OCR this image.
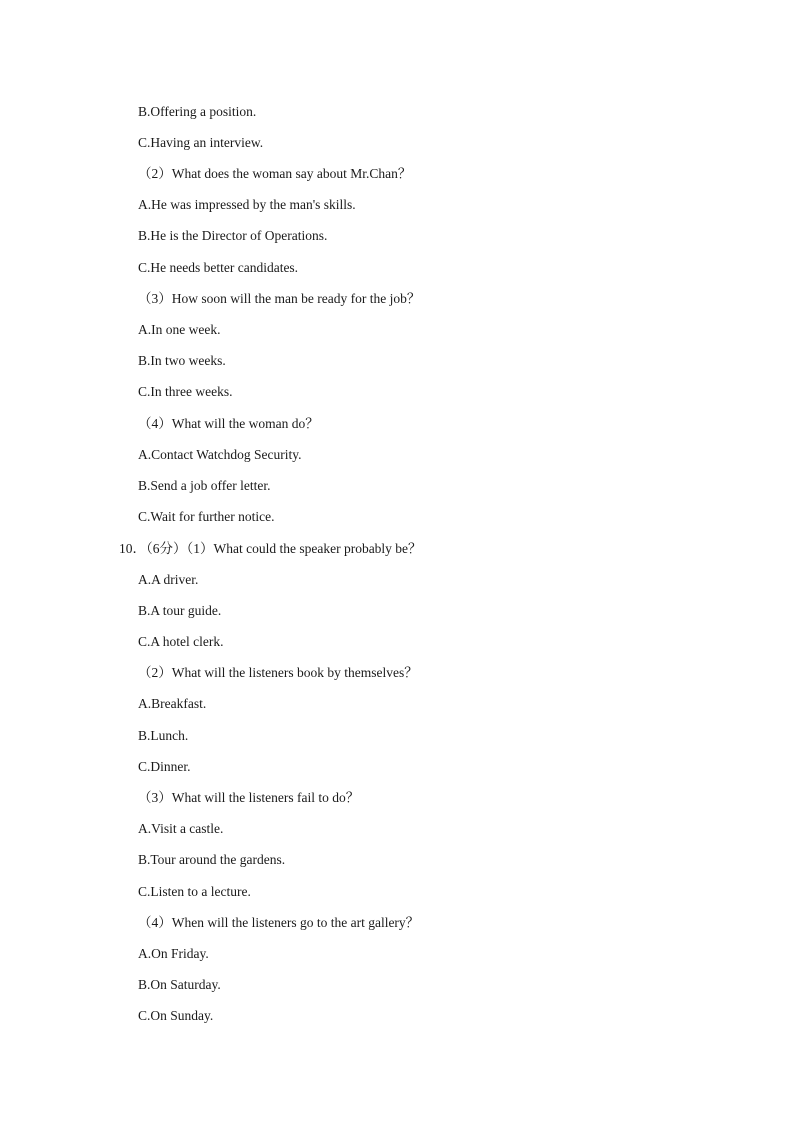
B.Offering a position.
C.Having an interview.
（2）What does the woman say about Mr.Chan？
A.He was impressed by the man's skills.
B.He is the Director of Operations.
C.He needs better candidates.
（3）How soon will the man be ready for the job？
A.In one week.
B.In two weeks.
C.In three weeks.
（4）What will the woman do？
A.Contact Watchdog Security.
B.Send a job offer letter.
C.Wait for further notice.
10．（6分）（1）What could the speaker probably be？
A.A driver.
B.A tour guide.
C.A hotel clerk.
（2）What will the listeners book by themselves？
A.Breakfast.
B.Lunch.
C.Dinner.
（3）What will the listeners fail to do？
A.Visit a castle.
B.Tour around the gardens.
C.Listen to a lecture.
（4）When will the listeners go to the art gallery？
A.On Friday.
B.On Saturday.
C.On Sunday.
